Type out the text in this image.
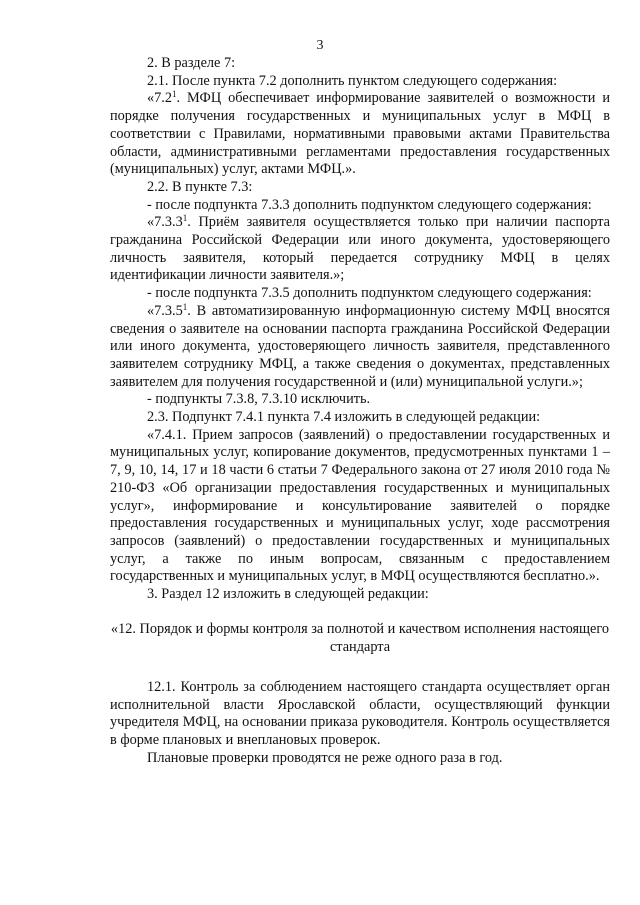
3

2. В разделе 7:

2.1. После пункта 7.2 дополнить пунктом следующего содержания:

«$7.2^1$. МФЦ обеспечивает информирование заявителей о возможности и порядке получения государственных и муниципальных услуг в МФЦ в соответствии с Правилами, нормативными правовыми актами Правительства области, административными регламентами предоставления государственных (муниципальных) услуг, актами МФЦ.».

2.2. В пункте 7.3:

- после подпункта 7.3.3 дополнить подпунктом следующего содержания:

«7.3.3$^1$. Приём заявителя осуществляется только при наличии паспорта гражданина Российской Федерации или иного документа, удостоверяющего личность заявителя, который передается сотруднику МФЦ в целях идентификации личности заявителя.»;

- после подпункта 7.3.5 дополнить подпунктом следующего содержания:

«7.3.5$^1$. В автоматизированную информационную систему МФЦ вносятся сведения о заявителе на основании паспорта гражданина Российской Федерации или иного документа, удостоверяющего личность заявителя, представленного заявителем сотруднику МФЦ, а также сведения о документах, представленных заявителем для получения государственной и (или) муниципальной услуги.»;

- подпункты 7.3.8, 7.3.10 исключить.

2.3. Подпункт 7.4.1 пункта 7.4 изложить в следующей редакции:

«7.4.1. Прием запросов (заявлений) о предоставлении государственных и муниципальных услуг, копирование документов, предусмотренных пунктами 1 – 7, 9, 10, 14, 17 и 18 части 6 статьи 7 Федерального закона от 27 июля 2010 года № 210-ФЗ «Об организации предоставления государственных и муниципальных услуг», информирование и консультирование заявителей о порядке предоставления государственных и муниципальных услуг, ходе рассмотрения запросов (заявлений) о предоставлении государственных и муниципальных услуг, а также по иным вопросам, связанным с предоставлением государственных и муниципальных услуг, в МФЦ осуществляются бесплатно.».

3. Раздел 12 изложить в следующей редакции:

«12. Порядок и формы контроля за полнотой и качеством исполнения настоящего стандарта

12.1. Контроль за соблюдением настоящего стандарта осуществляет орган исполнительной власти Ярославской области, осуществляющий функции учредителя МФЦ, на основании приказа руководителя. Контроль осуществляется в форме плановых и внеплановых проверок.

Плановые проверки проводятся не реже одного раза в год.
